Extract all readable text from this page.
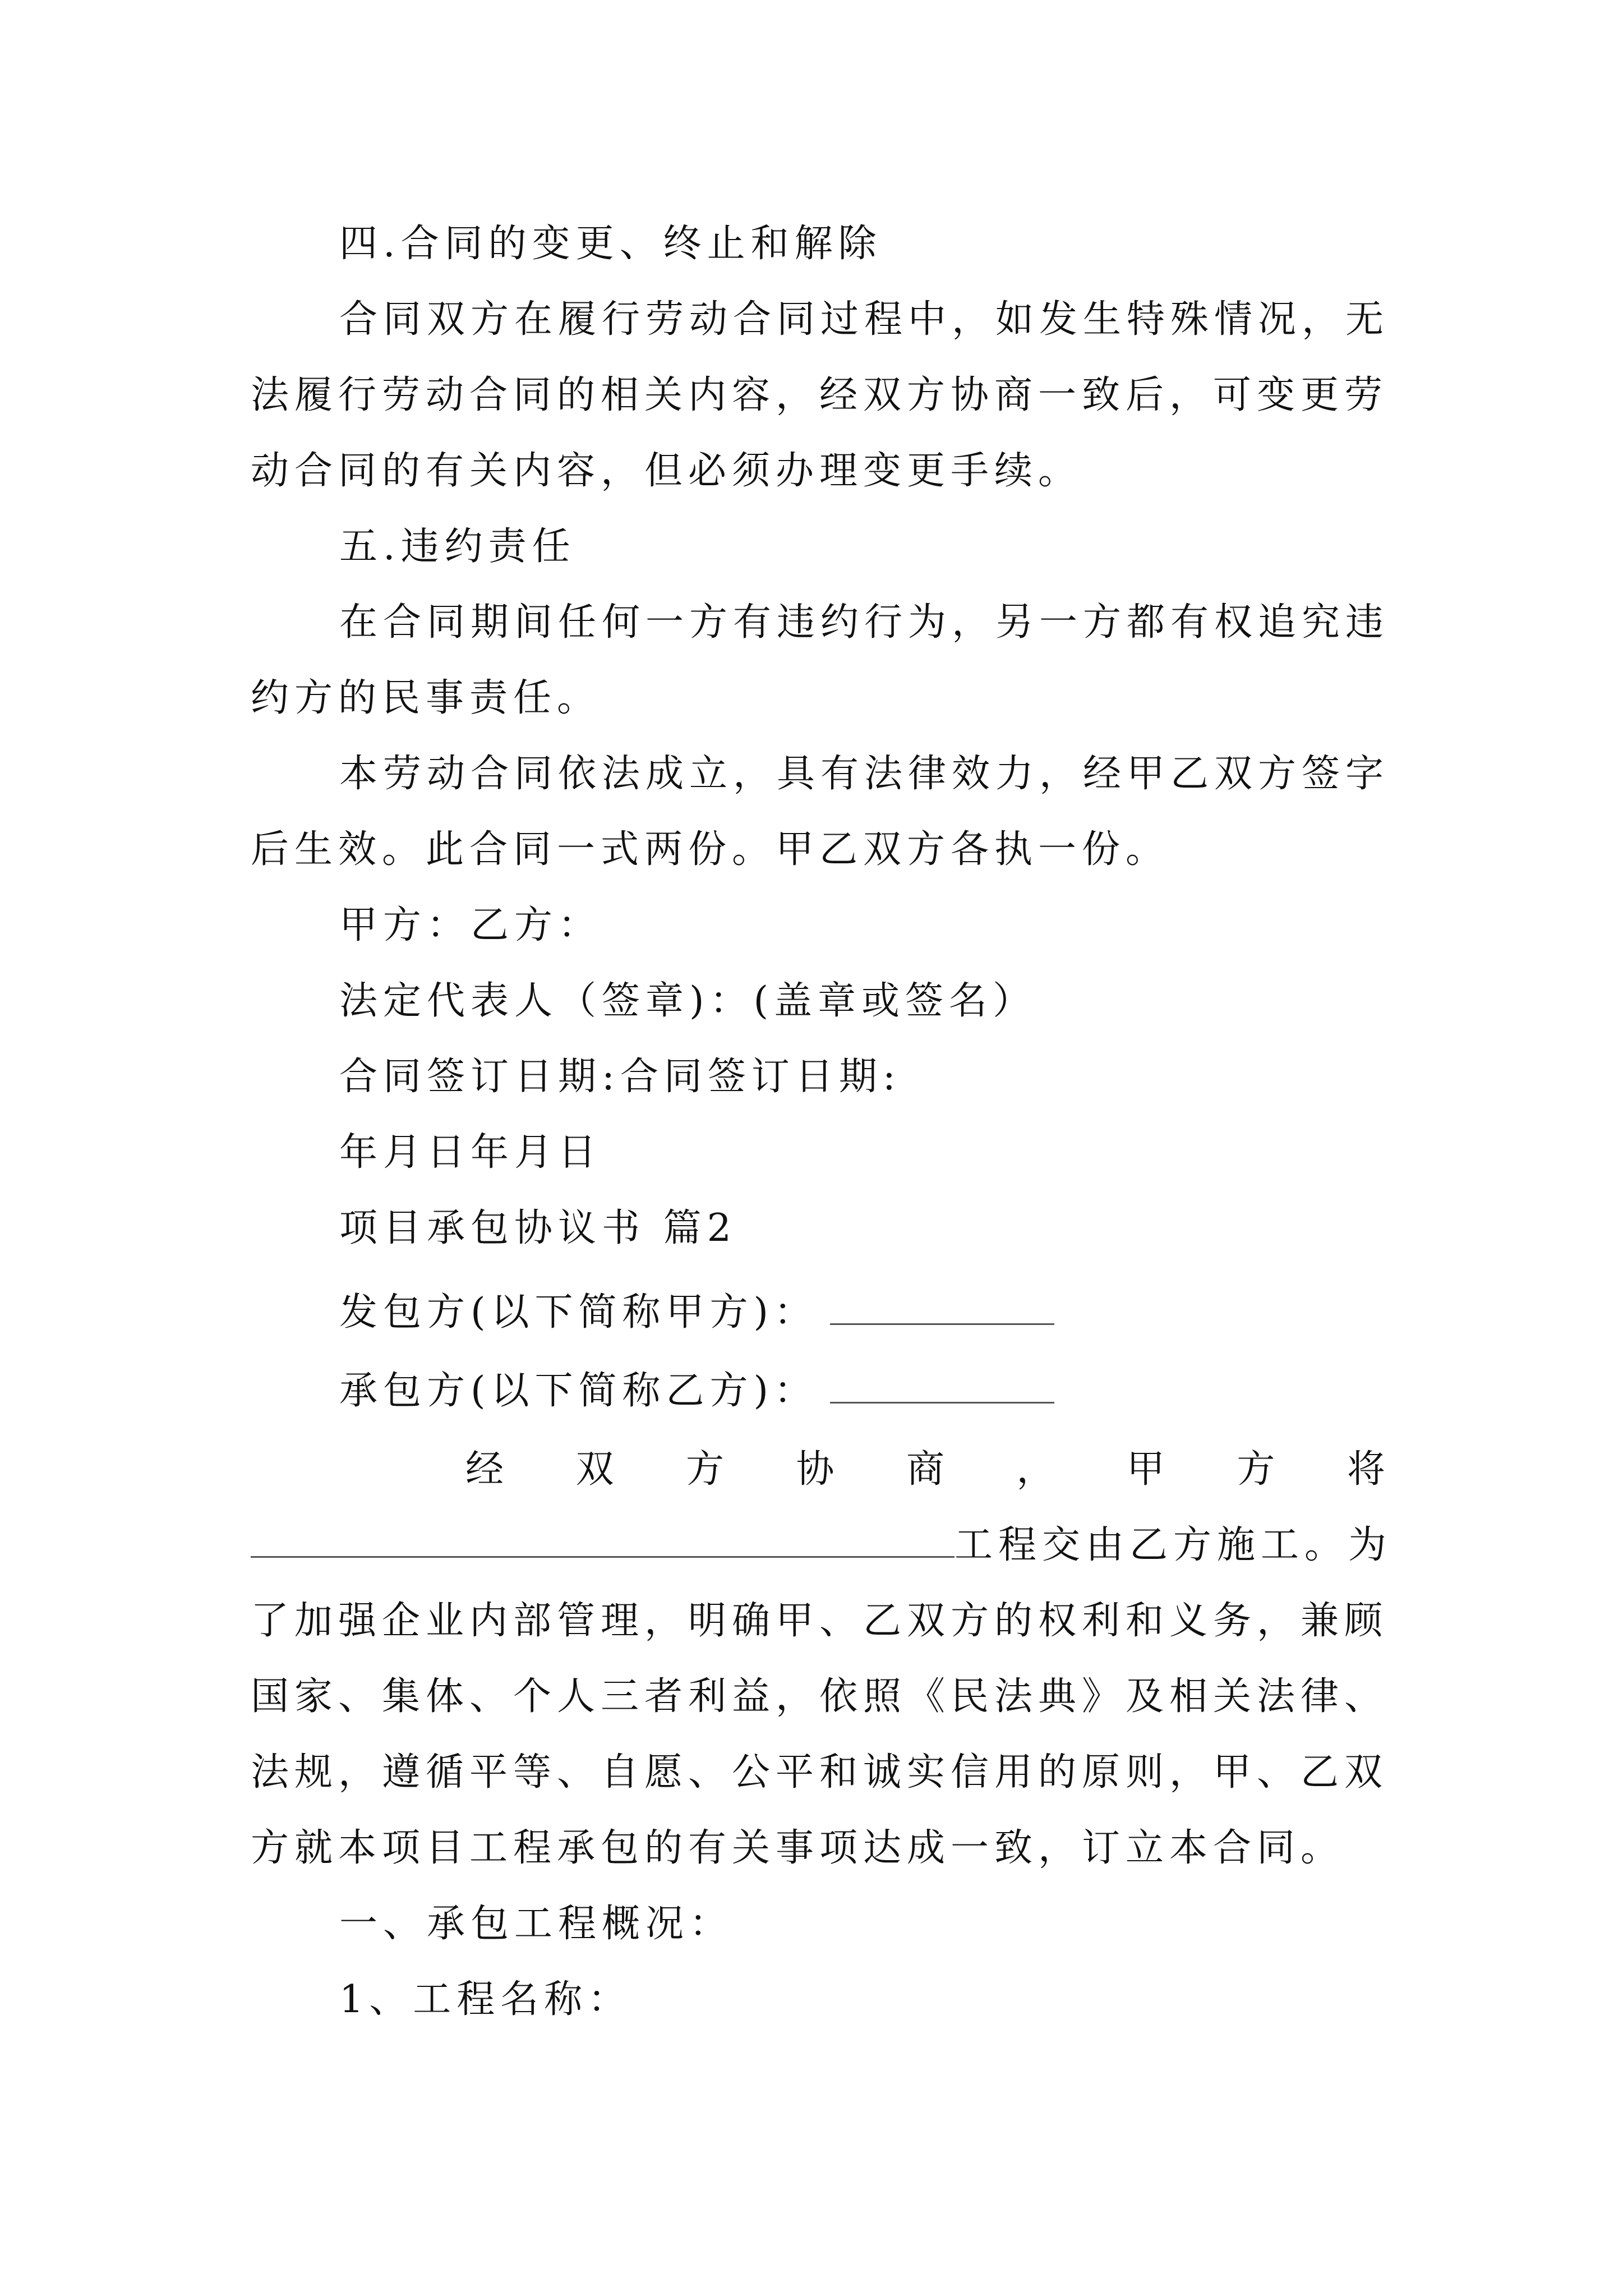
四.合同的变更、终止和解除
合同双方在履行劳动合同过程中，如发生特殊情况，无
法履行劳动合同的相关内容，经双方协商一致后，可变更劳
动合同的有关内容，但必须办理变更手续。
五.违约责任
在合同期间任何一方有违约行为，另一方都有权追究违
约方的民事责任。
本劳动合同依法成立，具有法律效力，经甲乙双方签字
后生效。此合同一式两份。甲乙双方各执一份。
甲方：乙方：
法定代表人（签章)：(盖章或签名）
合同签订日期:合同签订日期:
年月日年月日
项目承包协议书 篇2
发包方(以下简称甲方)：
承包方(以下简称乙方)：
经 双 方 协 商 ， 甲 方 将
工程交由乙方施工。为
了加强企业内部管理，明确甲、乙双方的权利和义务，兼顾
国家、集体、个人三者利益，依照《民法典》及相关法律、
法规，遵循平等、自愿、公平和诚实信用的原则，甲、乙双
方就本项目工程承包的有关事项达成一致，订立本合同。
一、承包工程概况：
1、工程名称：
